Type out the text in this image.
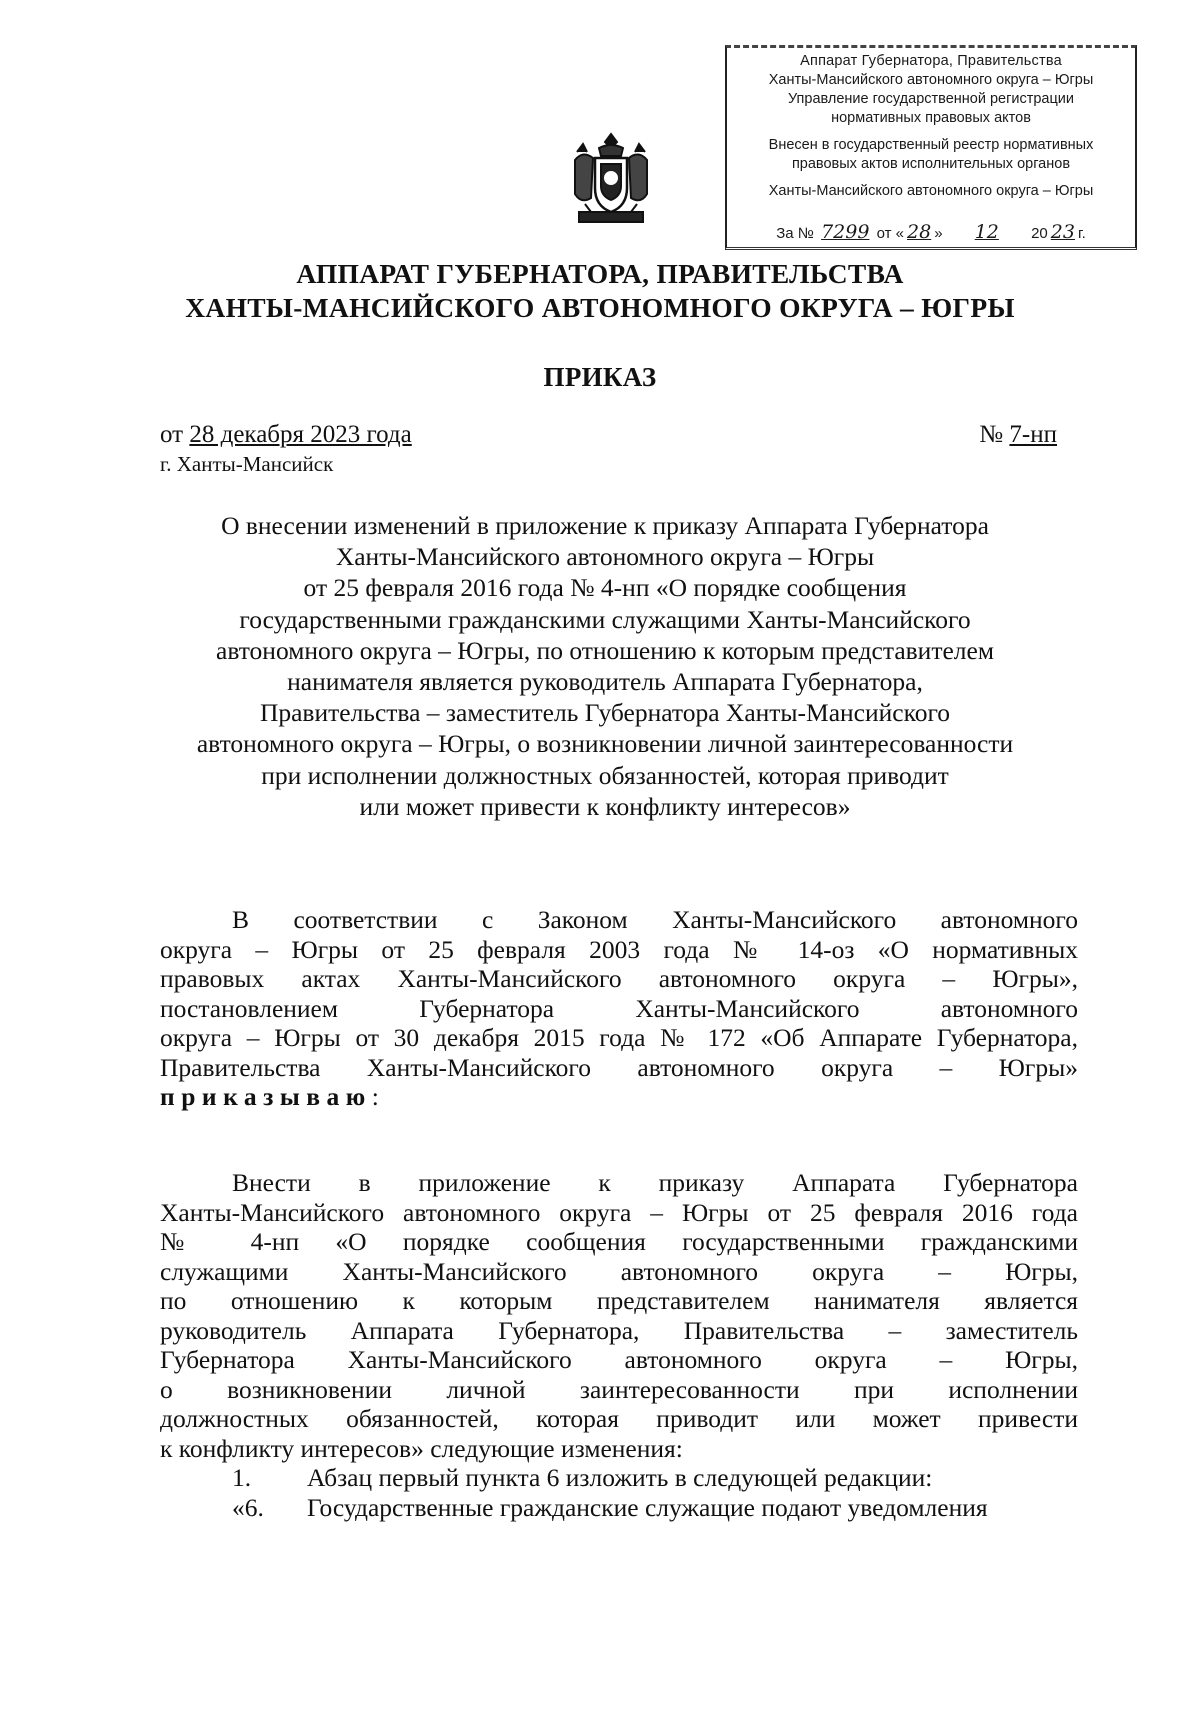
Аппарат Губернатора, Правительства
Ханты-Мансийского автономного округа – Югры
Управление государственной регистрации
нормативных правовых актов
Внесен в государственный реестр нормативных
правовых актов исполнительных органов
Ханты-Мансийского автономного округа – Югры
За № 7299 от « 28 » 12 20 23 г.
АППАРАТ ГУБЕРНАТОРА, ПРАВИТЕЛЬСТВА
ХАНТЫ-МАНСИЙСКОГО АВТОНОМНОГО ОКРУГА – ЮГРЫ
ПРИКАЗ
от 28 декабря 2023 года
г. Ханты-Мансийск
№ 7-нп
О внесении изменений в приложение к приказу Аппарата Губернатора
Ханты-Мансийского автономного округа – Югры
от 25 февраля 2016 года № 4-нп «О порядке сообщения
государственными гражданскими служащими Ханты-Мансийского
автономного округа – Югры, по отношению к которым представителем
нанимателя является руководитель Аппарата Губернатора,
Правительства – заместитель Губернатора Ханты-Мансийского
автономного округа – Югры, о возникновении личной заинтересованности
при исполнении должностных обязанностей, которая приводит
или может привести к конфликту интересов»
В соответствии с Законом Ханты-Мансийского автономного
округа – Югры от 25 февраля 2003 года № 14-оз «О нормативных
правовых актах Ханты-Мансийского автономного округа – Югры»,
постановлением Губернатора Ханты-Мансийского автономного
округа – Югры от 30 декабря 2015 года № 172 «Об Аппарате Губернатора,
Правительства Ханты-Мансийского автономного округа – Югры»
приказываю:
Внести в приложение к приказу Аппарата Губернатора
Ханты-Мансийского автономного округа – Югры от 25 февраля 2016 года
№ 4-нп «О порядке сообщения государственными гражданскими
служащими Ханты-Мансийского автономного округа – Югры,
по отношению к которым представителем нанимателя является
руководитель Аппарата Губернатора, Правительства – заместитель
Губернатора Ханты-Мансийского автономного округа – Югры,
о возникновении личной заинтересованности при исполнении
должностных обязанностей, которая приводит или может привести
к конфликту интересов» следующие изменения:
1.	Абзац первый пункта 6 изложить в следующей редакции:
«6.	Государственные гражданские служащие подают уведомления
